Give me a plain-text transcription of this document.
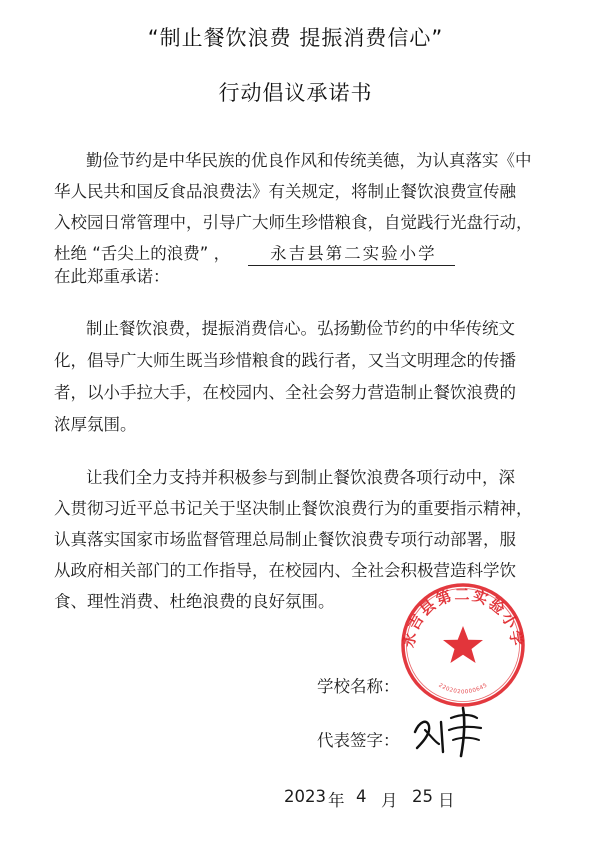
“制止餐饮浪费 提振消费信心”
行动倡议承诺书
勤俭节约是中华民族的优良作风和传统美德，为认真落实《中
华人民共和国反食品浪费法》有关规定，将制止餐饮浪费宣传融
入校园日常管理中，引导广大师生珍惜粮食，自觉践行光盘行动，
杜绝 “舌尖上的浪费” ， 永吉县第二实验小学
在此郑重承诺：
制止餐饮浪费，提振消费信心。弘扬勤俭节约的中华传统文
化，倡导广大师生既当珍惜粮食的践行者，又当文明理念的传播
者，以小手拉大手，在校园内、全社会努力营造制止餐饮浪费的
浓厚氛围。
让我们全力支持并积极参与到制止餐饮浪费各项行动中，深
入贯彻习近平总书记关于坚决制止餐饮浪费行为的重要指示精神，
认真落实国家市场监督管理总局制止餐饮浪费专项行动部署，服
从政府相关部门的工作指导，在校园内、全社会积极营造科学饮
食、理性消费、杜绝浪费的良好氛围。
永吉县第二实验小学
2202020000645
学校名称：
代表签字：
2023 年 4 月 25 日
